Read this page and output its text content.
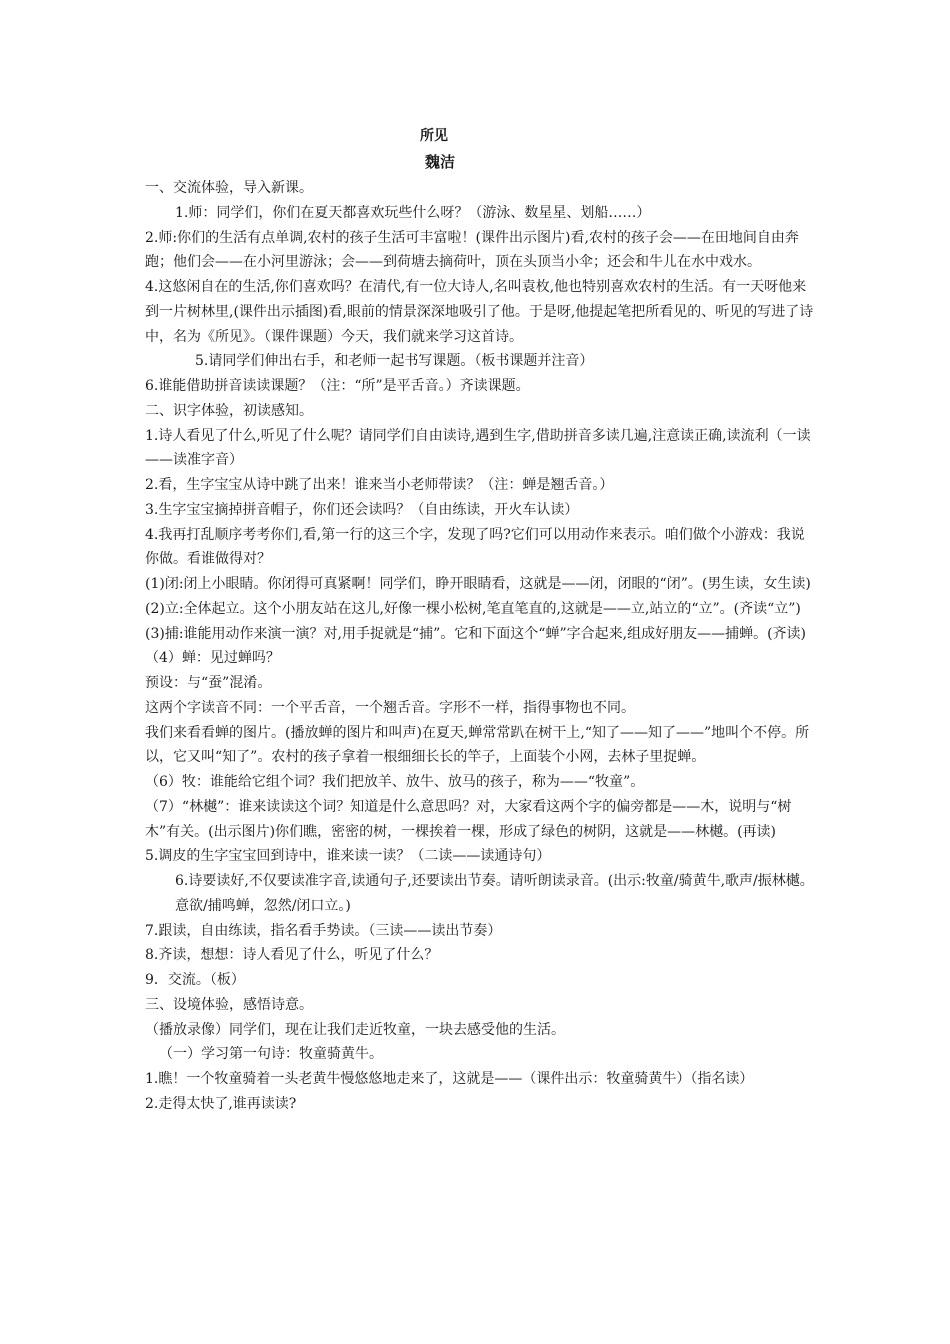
所见
魏洁

一、交流体验，导入新课。

1.师：同学们，你们在夏天都喜欢玩些什么呀？（游泳、数星星、划船……）

2.师:你们的生活有点单调,农村的孩子生活可丰富啦！(课件出示图片)看,农村的孩子会——在田地间自由奔跑；他们会——在小河里游泳；会——到荷塘去摘荷叶，顶在头顶当小伞；还会和牛儿在水中戏水。

4.这悠闲自在的生活,你们喜欢吗？在清代,有一位大诗人,名叫袁枚,他也特别喜欢农村的生活。有一天呀他来到一片树林里,(课件出示插图)看,眼前的情景深深地吸引了他。于是呀,他提起笔把所看见的、听见的写进了诗中，名为《所见》。（课件课题）今天，我们就来学习这首诗。

5.请同学们伸出右手，和老师一起书写课题。（板书课题并注音）

6.谁能借助拼音读读课题？（注：“所”是平舌音。）齐读课题。

二、识字体验，初读感知。

1.诗人看见了什么,听见了什么呢？请同学们自由读诗,遇到生字,借助拼音多读几遍,注意读正确,读流利（一读——读准字音）

2.看，生字宝宝从诗中跳了出来！谁来当小老师带读？（注：蝉是翘舌音。）

3.生字宝宝摘掉拼音帽子，你们还会读吗？（自由练读，开火车认读）

4.我再打乱顺序考考你们,看,第一行的这三个字，发现了吗?它们可以用动作来表示。咱们做个小游戏：我说你做。看谁做得对？

(1)闭:闭上小眼睛。你闭得可真紧啊！同学们，睁开眼睛看，这就是——闭，闭眼的“闭”。(男生读，女生读)

(2)立:全体起立。这个小朋友站在这儿,好像一棵小松树,笔直笔直的,这就是——立,站立的“立”。(齐读“立”)

(3)捕:谁能用动作来演一演？对,用手捉就是“捕”。它和下面这个“蝉”字合起来,组成好朋友——捕蝉。(齐读)

（4）蝉：见过蝉吗？

预设：与“蚕”混淆。

这两个字读音不同：一个平舌音，一个翘舌音。字形不一样，指得事物也不同。

我们来看看蝉的图片。(播放蝉的图片和叫声)在夏天,蝉常常趴在树干上,“知了——知了——”地叫个不停。所以，它又叫“知了”。农村的孩子拿着一根细细长长的竿子，上面装个小网，去林子里捉蝉。

（6）牧：谁能给它组个词？我们把放羊、放牛、放马的孩子，称为——“牧童”。

（7）“林樾”：谁来读读这个词？知道是什么意思吗？对，大家看这两个字的偏旁都是——木，说明与“树木”有关。(出示图片)你们瞧，密密的树，一棵挨着一棵，形成了绿色的树阴，这就是——林樾。(再读)

5.调皮的生字宝宝回到诗中，谁来读一读？（二读——读通诗句）

6.诗要读好,不仅要读准字音,读通句子,还要读出节奏。请听朗读录音。(出示:牧童/骑黄牛,歌声/振林樾。意欲/捕鸣蝉，忽然/闭口立。)

7.跟读，自由练读，指名看手势读。（三读——读出节奏）

8.齐读，想想：诗人看见了什么，听见了什么？

9．交流。（板）

三、设境体验，感悟诗意。

（播放录像）同学们，现在让我们走近牧童，一块去感受他的生活。

（一）学习第一句诗：牧童骑黄牛。

1.瞧！一个牧童骑着一头老黄牛慢悠悠地走来了，这就是——（课件出示：牧童骑黄牛）（指名读）

2.走得太快了,谁再读读?
